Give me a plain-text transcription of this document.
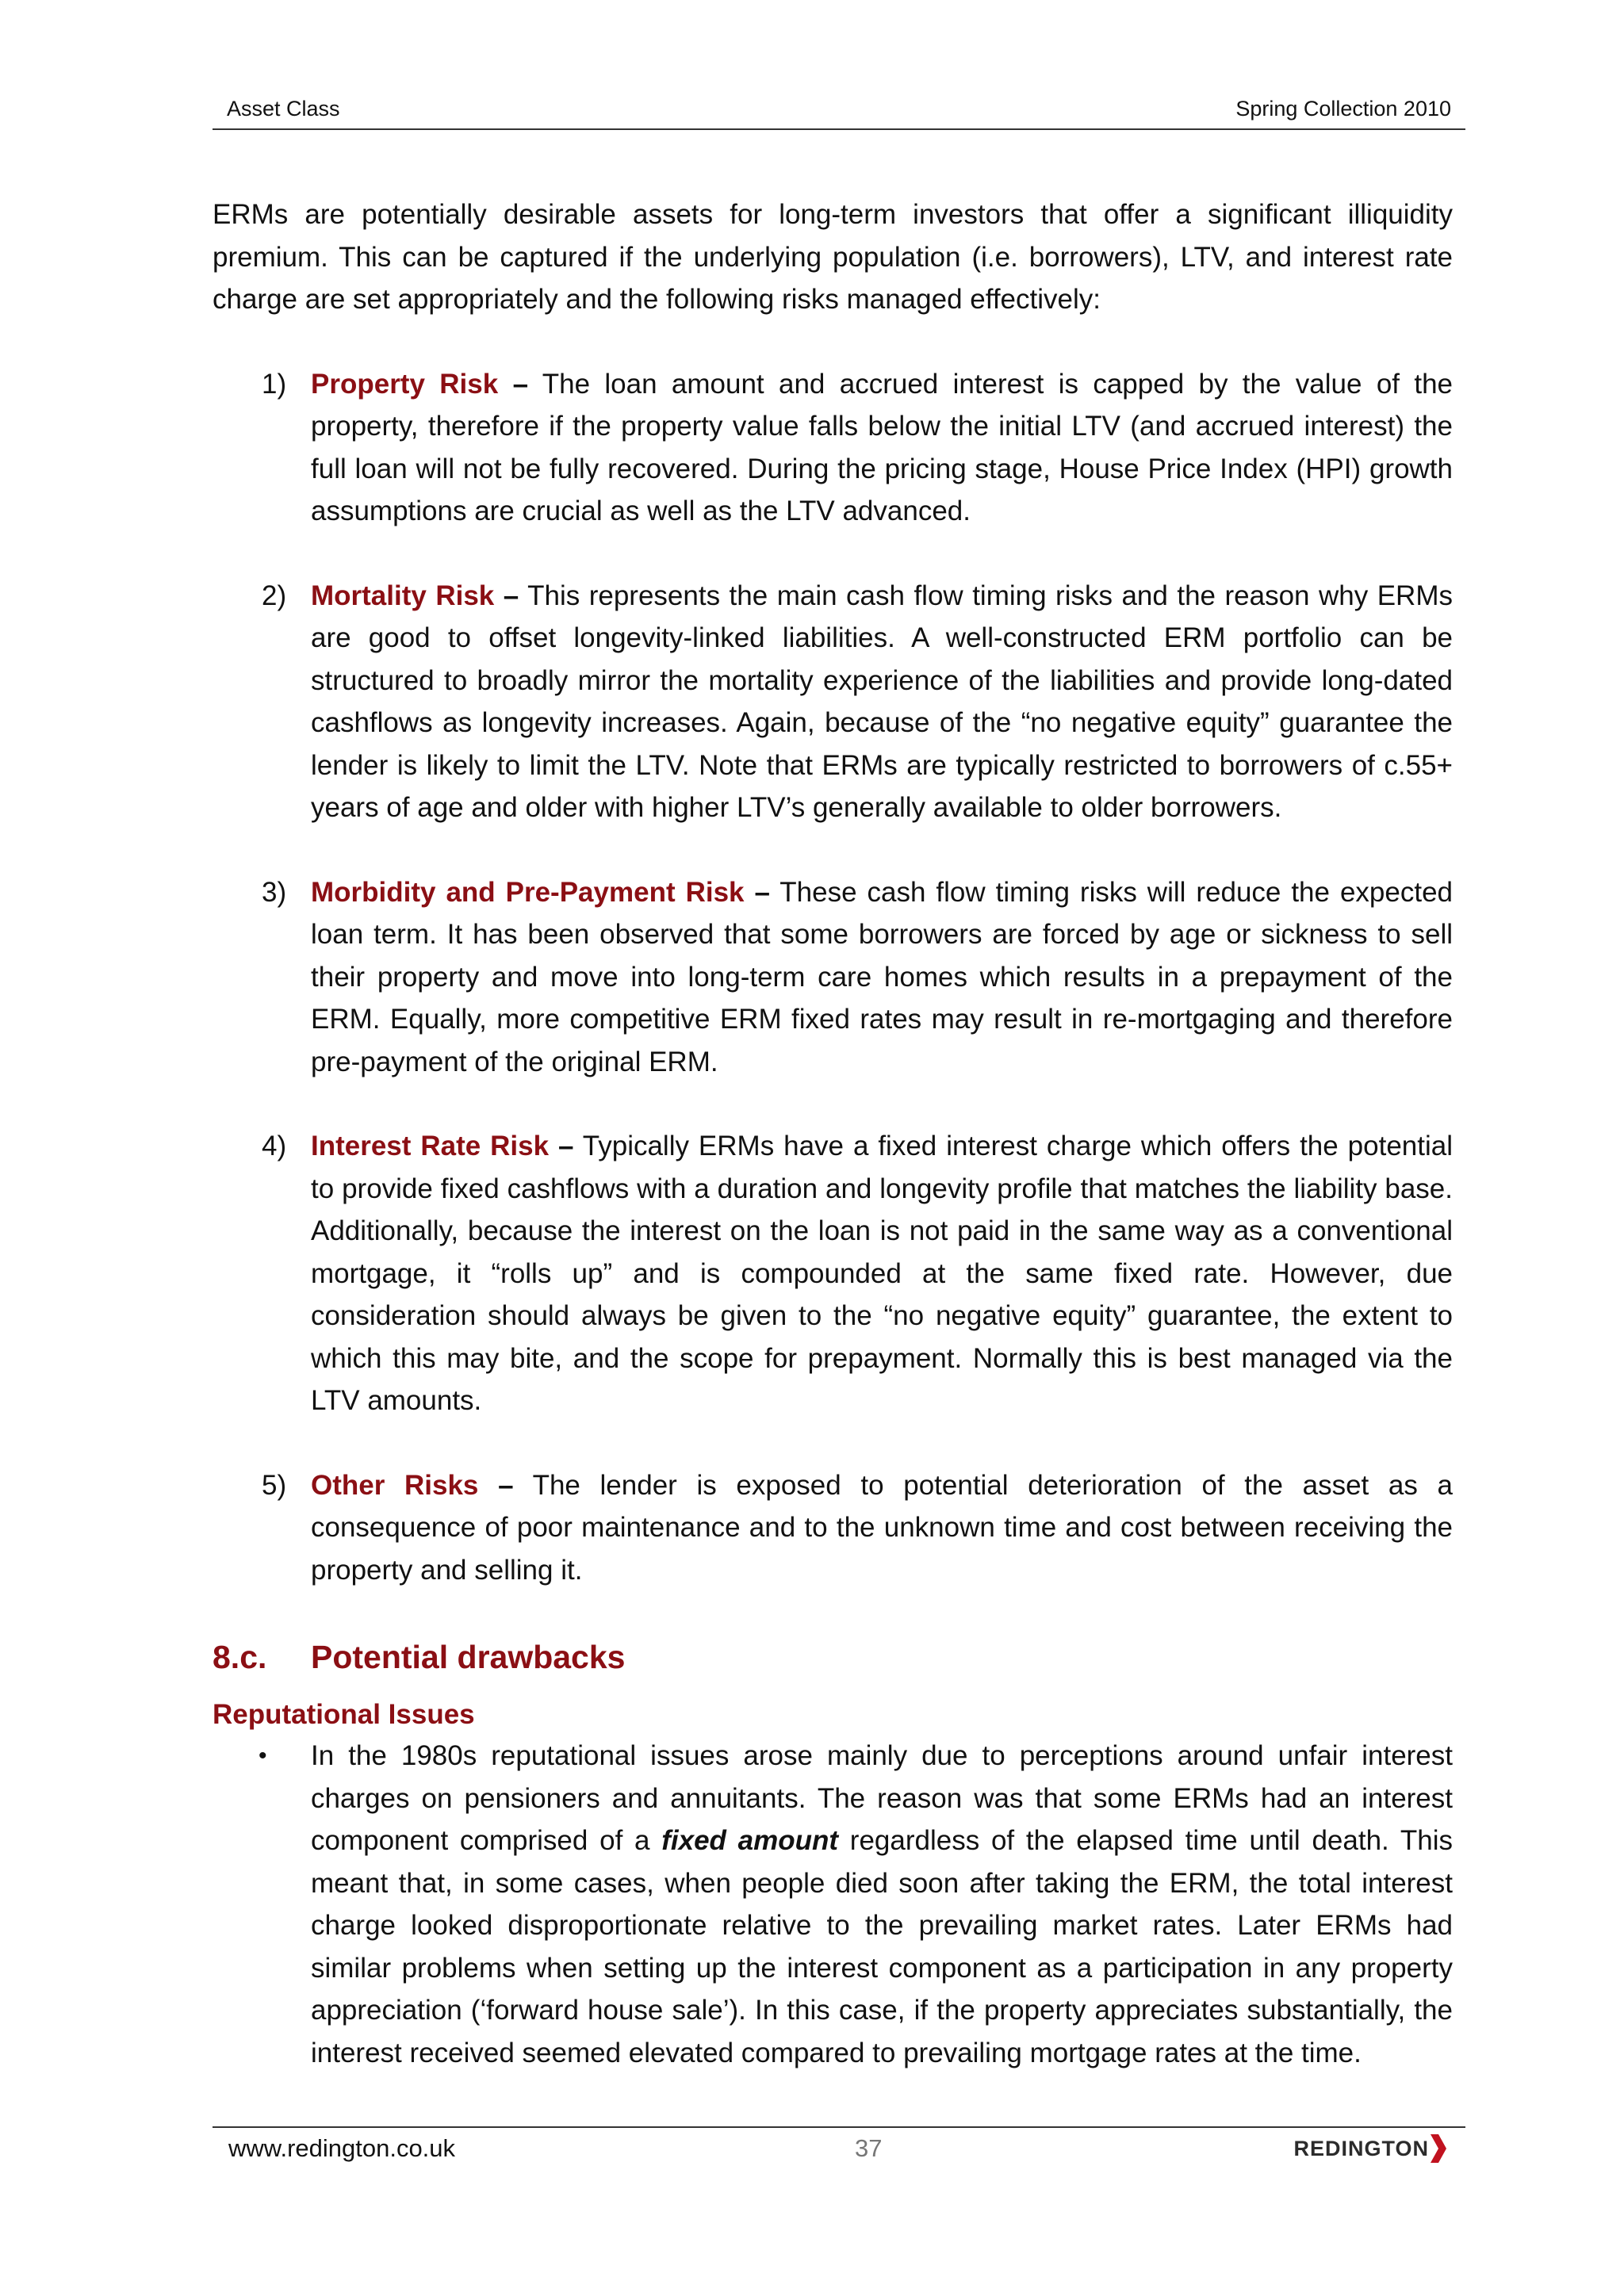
Asset Class	Spring Collection 2010

ERMs are potentially desirable assets for long-term investors that offer a significant illiquidity premium. This can be captured if the underlying population (i.e. borrowers), LTV, and interest rate charge are set appropriately and the following risks managed effectively:

1) Property Risk – The loan amount and accrued interest is capped by the value of the property, therefore if the property value falls below the initial LTV (and accrued interest) the full loan will not be fully recovered. During the pricing stage, House Price Index (HPI) growth assumptions are crucial as well as the LTV advanced.
2) Mortality Risk – This represents the main cash flow timing risks and the reason why ERMs are good to offset longevity-linked liabilities. A well-constructed ERM portfolio can be structured to broadly mirror the mortality experience of the liabilities and provide long-dated cashflows as longevity increases. Again, because of the “no negative equity” guarantee the lender is likely to limit the LTV. Note that ERMs are typically restricted to borrowers of c.55+ years of age and older with higher LTV’s generally available to older borrowers.
3) Morbidity and Pre-Payment Risk – These cash flow timing risks will reduce the expected loan term. It has been observed that some borrowers are forced by age or sickness to sell their property and move into long-term care homes which results in a prepayment of the ERM. Equally, more competitive ERM fixed rates may result in re-mortgaging and therefore pre-payment of the original ERM.
4) Interest Rate Risk – Typically ERMs have a fixed interest charge which offers the potential to provide fixed cashflows with a duration and longevity profile that matches the liability base. Additionally, because the interest on the loan is not paid in the same way as a conventional mortgage, it “rolls up” and is compounded at the same fixed rate. However, due consideration should always be given to the “no negative equity” guarantee, the extent to which this may bite, and the scope for prepayment. Normally this is best managed via the LTV amounts.
5) Other Risks – The lender is exposed to potential deterioration of the asset as a consequence of poor maintenance and to the unknown time and cost between receiving the property and selling it.
8.c. Potential drawbacks
Reputational Issues
• In the 1980s reputational issues arose mainly due to perceptions around unfair interest charges on pensioners and annuitants. The reason was that some ERMs had an interest component comprised of a fixed amount regardless of the elapsed time until death. This meant that, in some cases, when people died soon after taking the ERM, the total interest charge looked disproportionate relative to the prevailing market rates. Later ERMs had similar problems when setting up the interest component as a participation in any property appreciation (‘forward house sale’). In this case, if the property appreciates substantially, the interest received seemed elevated compared to prevailing mortgage rates at the time.
www.redington.co.uk	37	REDINGTON
